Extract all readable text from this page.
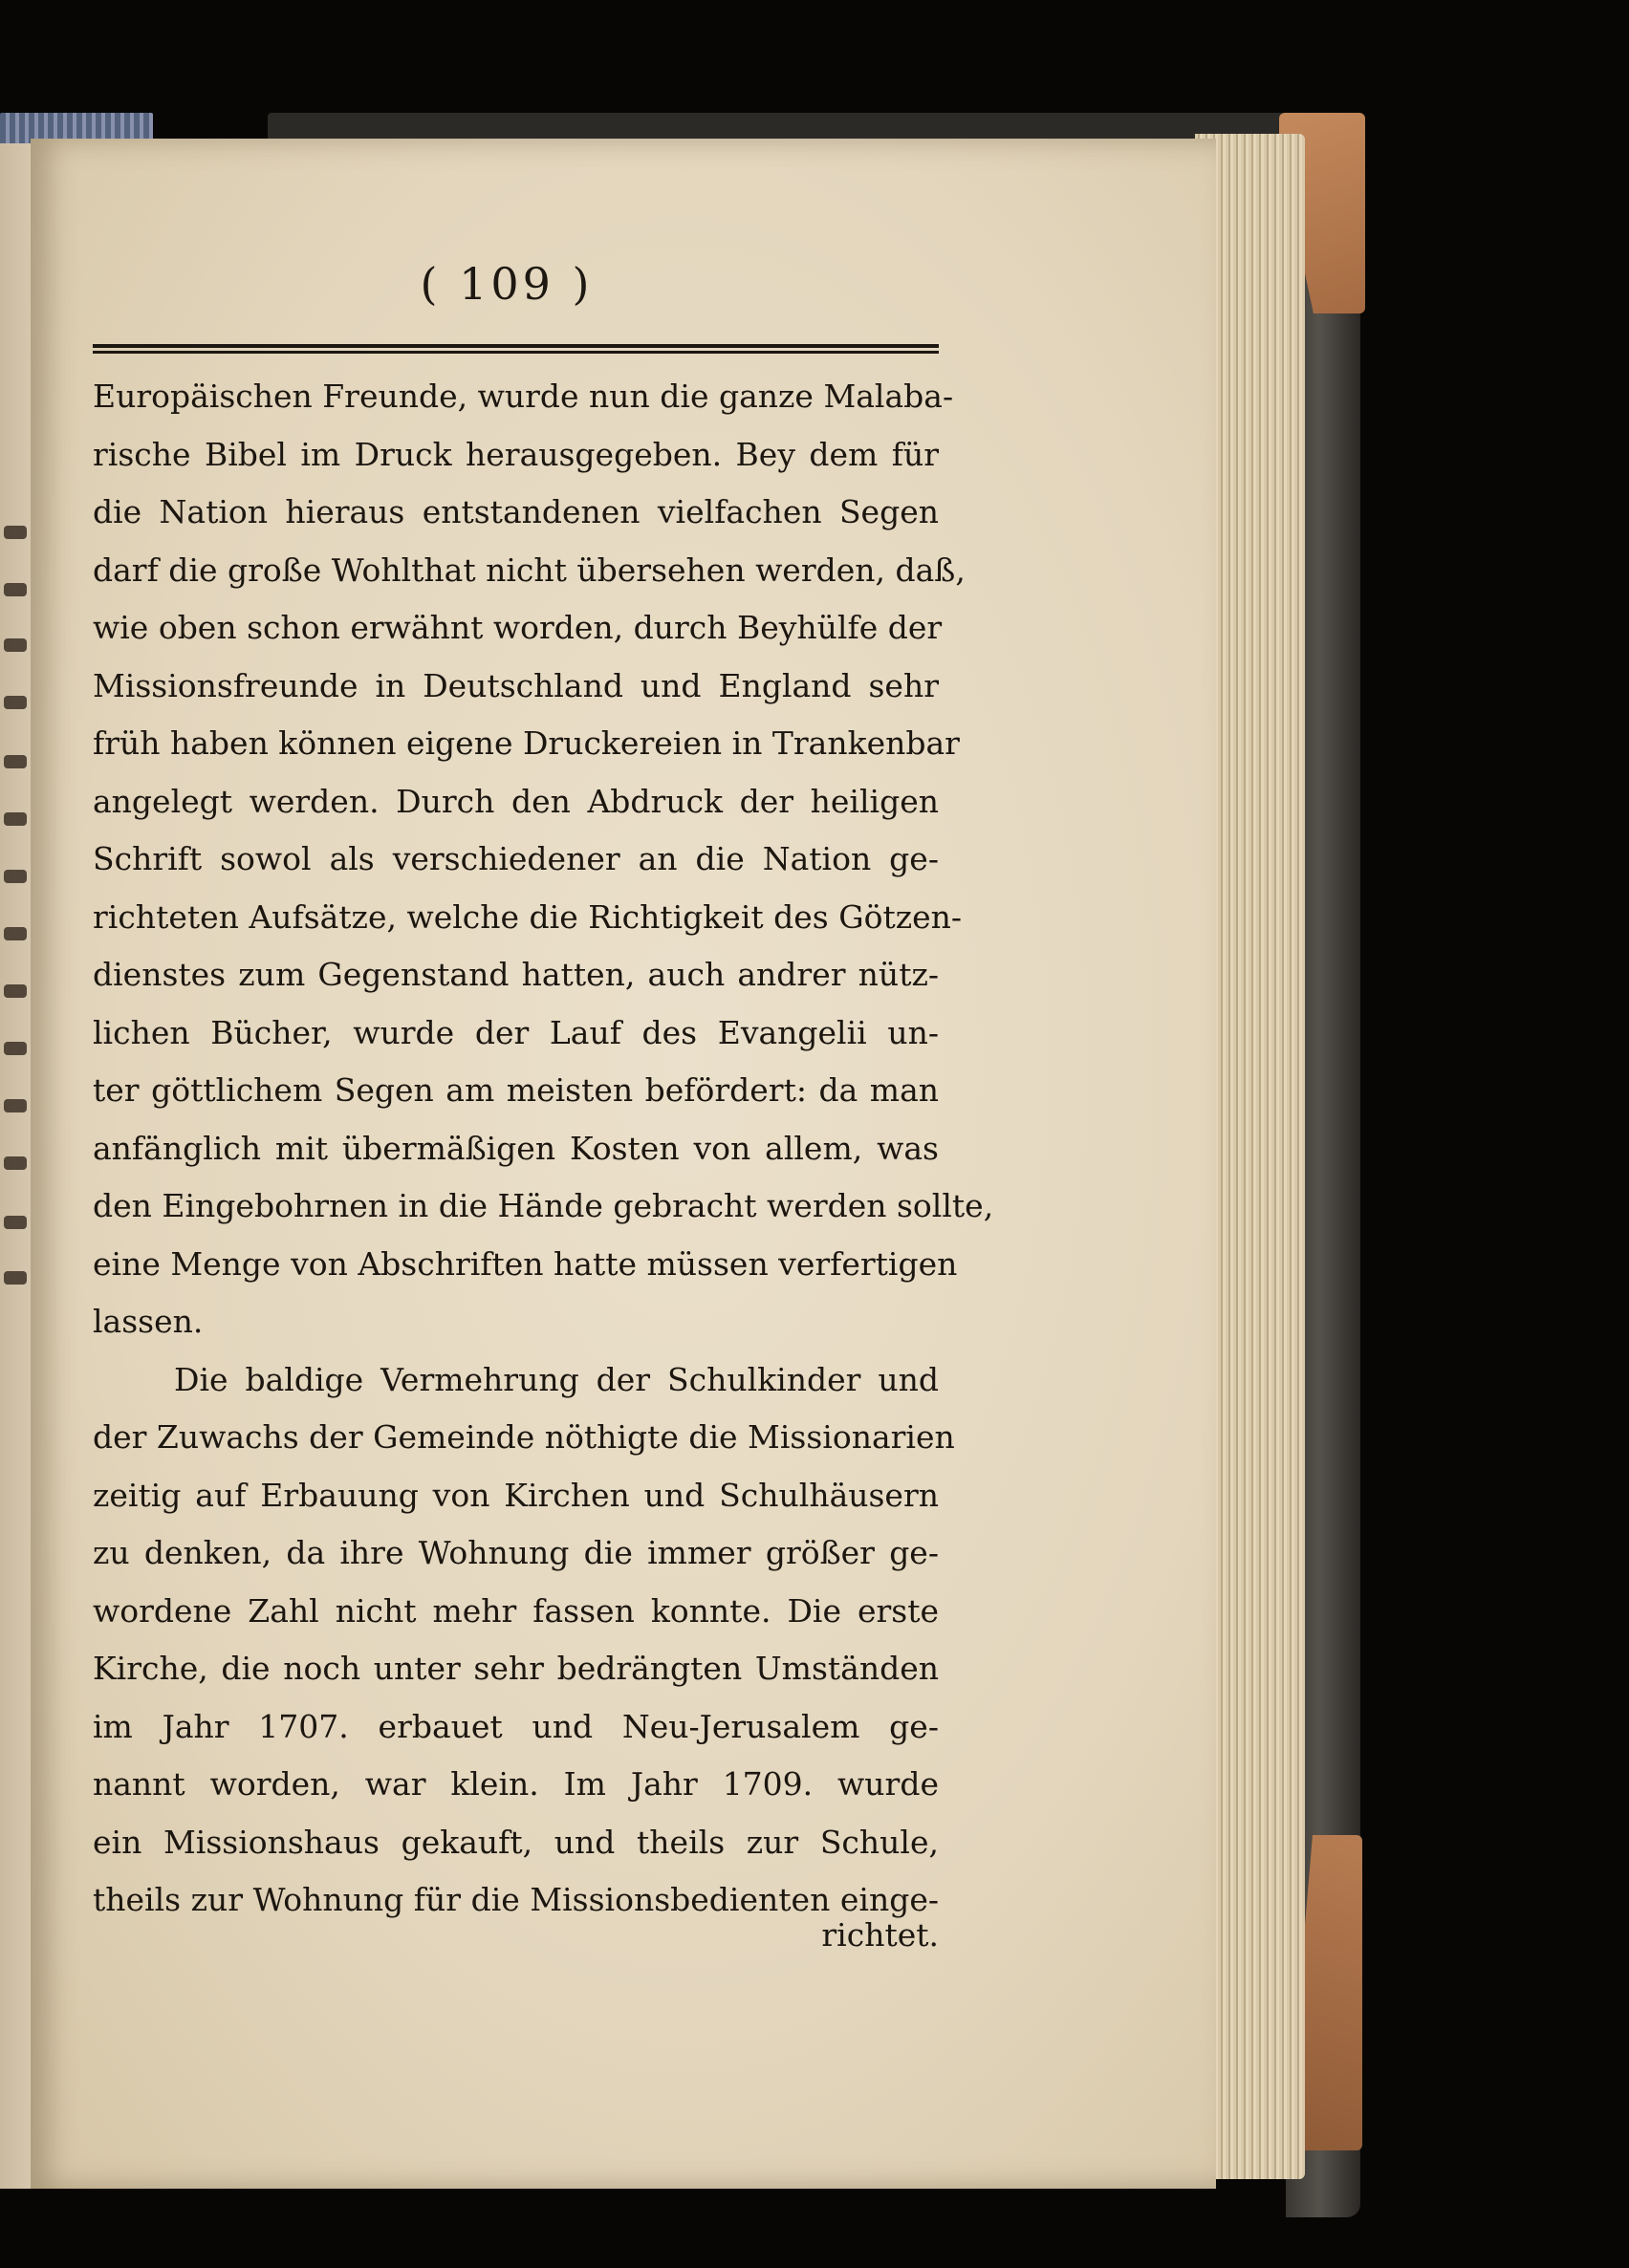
( 109 )
Europäischen Freunde, wurde nun die ganze Malaba-
rische Bibel im Druck herausgegeben. Bey dem für
die Nation hieraus entstandenen vielfachen Segen
darf die große Wohlthat nicht übersehen werden, daß,
wie oben schon erwähnt worden, durch Beyhülfe der
Missionsfreunde in Deutschland und England sehr
früh haben können eigene Druckereien in Trankenbar
angelegt werden. Durch den Abdruck der heiligen
Schrift sowol als verschiedener an die Nation ge-
richteten Aufsätze, welche die Richtigkeit des Götzen-
dienstes zum Gegenstand hatten, auch andrer nütz-
lichen Bücher, wurde der Lauf des Evangelii un-
ter göttlichem Segen am meisten befördert: da man
anfänglich mit übermäßigen Kosten von allem, was
den Eingebohrnen in die Hände gebracht werden sollte,
eine Menge von Abschriften hatte müssen verfertigen
lassen.
Die baldige Vermehrung der Schulkinder und
der Zuwachs der Gemeinde nöthigte die Missionarien
zeitig auf Erbauung von Kirchen und Schulhäusern
zu denken, da ihre Wohnung die immer größer ge-
wordene Zahl nicht mehr fassen konnte. Die erste
Kirche, die noch unter sehr bedrängten Umständen
im Jahr 1707. erbauet und Neu-Jerusalem ge-
nannt worden, war klein. Im Jahr 1709. wurde
ein Missionshaus gekauft, und theils zur Schule,
theils zur Wohnung für die Missionsbedienten einge-
richtet.
